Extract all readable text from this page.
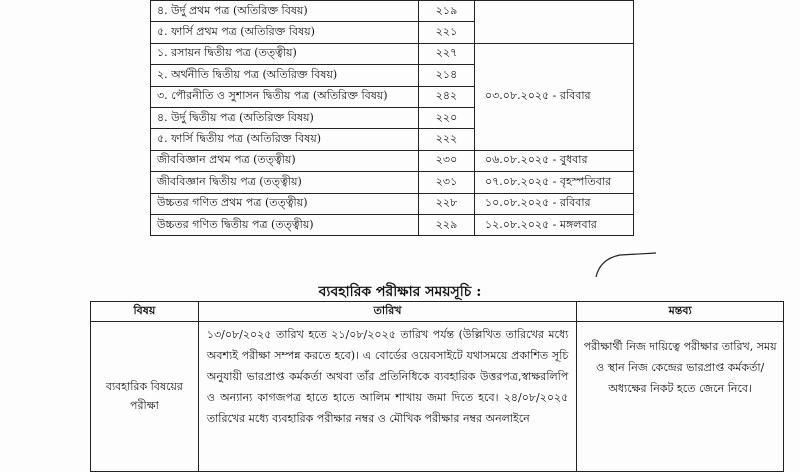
৪. উর্দু প্রথম পত্র (অতিরিক্ত বিষয়)	২১৯	
৫. ফার্সি প্রথম পত্র (অতিরিক্ত বিষয়)	২২১	
১. রসায়ন দ্বিতীয় পত্র (তত্ত্বীয়)	২২৭	০৩.০৮.২০২৫ - রবিবার
২. অর্থনীতি দ্বিতীয় পত্র (অতিরিক্ত বিষয়)	২১৪	
৩. পৌরনীতি ও সুশাসন দ্বিতীয় পত্র (অতিরিক্ত বিষয়)	২৪২	
৪. উর্দু দ্বিতীয় পত্র (অতিরিক্ত বিষয়)	২২০	
৫. ফার্সি দ্বিতীয় পত্র (অতিরিক্ত বিষয়)	২২২	
জীববিজ্ঞান প্রথম পত্র (তত্ত্বীয়)	২৩০	০৬.০৮.২০২৫ - বুধবার
জীববিজ্ঞান দ্বিতীয় পত্র (তত্ত্বীয়)	২৩১	০৭.০৮.২০২৫ - বৃহস্পতিবার
উচ্চতর গণিত প্রথম পত্র (তত্ত্বীয়)	২২৮	১০.০৮.২০২৫ - রবিবার
উচ্চতর গণিত দ্বিতীয় পত্র (তত্ত্বীয়)	২২৯	১২.০৮.২০২৫ - মঙ্গলবার
ব্যবহারিক পরীক্ষার সময়সূচি :
বিষয়	তারিখ	মন্তব্য
ব্যবহারিক বিষয়ের পরীক্ষা	১৩/০৮/২০২৫ তারিখ হতে ২১/০৮/২০২৫ তারিখ পর্যন্ত (উল্লিখিত তারিখের মধ্যে অবশ্যই পরীক্ষা সম্পন্ন করতে হবে)। এ বোর্ডের ওয়েবসাইটে যথাসময়ে প্রকাশিত সূচি অনুযায়ী ভারপ্রাপ্ত কর্মকর্তা অথবা তাঁর প্রতিনিধিকে ব্যবহারিক উত্তরপত্র,স্বাক্ষরলিপি ও অন্যান্য কাগজপত্র হাতে হাতে আলিম শাখায় জমা দিতে হবে। ২৪/০৮/২০২৫ তারিখের মধ্যে ব্যবহারিক পরীক্ষার নম্বর ও মৌখিক পরীক্ষার নম্বর অনলাইনে	পরীক্ষার্থী নিজ দায়িত্বে পরীক্ষার তারিখ, সময় ও স্থান নিজ কেন্দ্রের ভারপ্রাপ্ত কর্মকর্তা/অধ্যক্ষের নিকট হতে জেনে নিবে।
